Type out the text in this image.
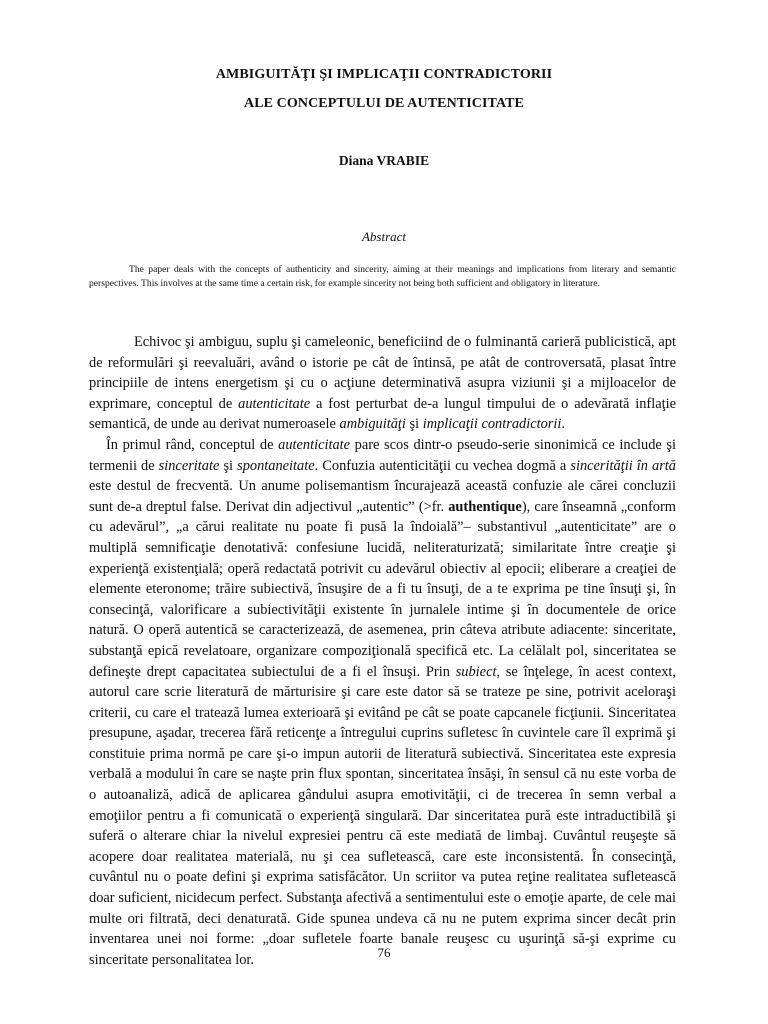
AMBIGUITĂŢI ŞI IMPLICAŢII CONTRADICTORII
ALE CONCEPTULUI DE AUTENTICITATE
Diana VRABIE
Abstract

The paper deals with the concepts of authenticity and sincerity, aiming at their meanings and implications from literary and semantic perspectives. This involves at the same time a certain risk, for example sincerity not being both sufficient and obligatory in literature.

Echivoc şi ambiguu, suplu şi cameleonic, beneficiind de o fulminantă carieră publicistică, apt de reformulări şi reevaluări, având o istorie pe cât de întinsă, pe atât de controversată, plasat între principiile de intens energetism şi cu o acţiune determinativă asupra viziunii şi a mijloacelor de exprimare, conceptul de autenticitate a fost perturbat de-a lungul timpului de o adevărată inflaţie semantică, de unde au derivat numeroasele ambiguităţi şi implicaţii contradictorii.

În primul rând, conceptul de autenticitate pare scos dintr-o pseudo-serie sinonimică ce include şi termenii de sinceritate şi spontaneitate. Confuzia autenticităţii cu vechea dogmă a sincerităţii în artă este destul de frecventă. Un anume polisemantism încurajează această confuzie ale cărei concluzii sunt de-a dreptul false. Derivat din adjectivul „autentic” (>fr. authentique), care înseamnă „conform cu adevărul”, „a cărui realitate nu poate fi pusă la îndoială”– substantivul „autenticitate” are o multiplă semnificaţie denotativă: confesiune lucidă, neliteraturizată; similaritate între creaţie şi experienţă existenţială; operă redactată potrivit cu adevărul obiectiv al epocii; eliberare a creaţiei de elemente eteronome; trăire subiectivă, însuşire de a fi tu însuţi, de a te exprima pe tine însuţi şi, în consecinţă, valorificare a subiectivităţii existente în jurnalele intime şi în documentele de orice natură. O operă autentică se caracterizează, de asemenea, prin câteva atribute adiacente: sinceritate, substanţă epică revelatoare, organizare compoziţională specifică etc. La celălalt pol, sinceritatea se defineşte drept capacitatea subiectului de a fi el însuşi. Prin subiect, se înţelege, în acest context, autorul care scrie literatură de mărturisire şi care este dator să se trateze pe sine, potrivit aceloraşi criterii, cu care el tratează lumea exterioară şi evitând pe cât se poate capcanele ficţiunii. Sinceritatea presupune, aşadar, trecerea fără reticenţe a întregului cuprins sufletesc în cuvintele care îl exprimă şi constituie prima normă pe care şi-o impun autorii de literatură subiectivă. Sinceritatea este expresia verbală a modului în care se naşte prin flux spontan, sinceritatea însăşi, în sensul că nu este vorba de o autoanaliză, adică de aplicarea gândului asupra emotivităţii, ci de trecerea în semn verbal a emoţiilor pentru a fi comunicată o experienţă singulară. Dar sinceritatea pură este intraductibilă şi suferă o alterare chiar la nivelul expresiei pentru că este mediată de limbaj. Cuvântul reuşeşte să acopere doar realitatea materială, nu şi cea sufletească, care este inconsistentă. În consecinţă, cuvântul nu o poate defini şi exprima satisfăcător. Un scriitor va putea reţine realitatea sufletească doar suficient, nicidecum perfect. Substanţa afectivă a sentimentului este o emoţie aparte, de cele mai multe ori filtrată, deci denaturată. Gide spunea undeva că nu ne putem exprima sincer decât prin inventarea unei noi forme: „doar sufletele foarte banale reuşesc cu uşurinţă să-şi exprime cu sinceritate personalitatea lor.	76
